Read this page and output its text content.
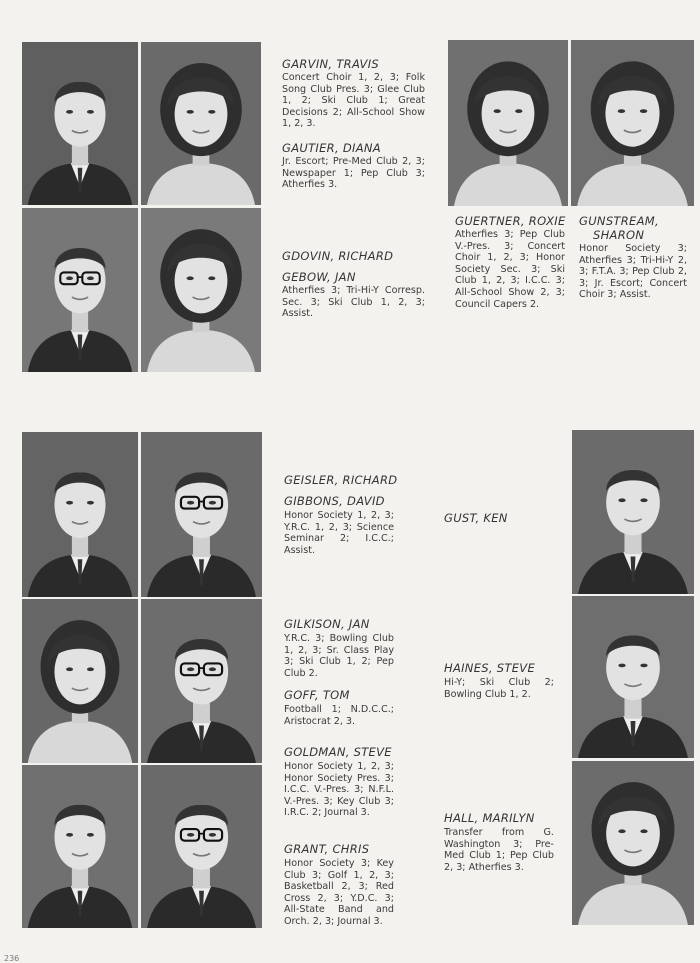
GARVIN, TRAVIS
Concert Choir 1, 2, 3; Folk Song Club Pres. 3; Glee Club 1, 2; Ski Club 1; Great Decisions 2; All-School Show 1, 2, 3.
GAUTIER, DIANA
Jr. Escort; Pre-Med Club 2, 3; Newspaper 1; Pep Club 3; Atherfies 3.
GDOVIN, RICHARD
GEBOW, JAN
Atherfies 3; Tri-Hi-Y Corresp. Sec. 3; Ski Club 1, 2, 3; Assist.
GUERTNER, ROXIE
Atherfies 3; Pep Club V.-Pres. 3; Concert Choir 1, 2, 3; Honor Society Sec. 3; Ski Club 1, 2, 3; I.C.C. 3; All-School Show 2, 3; Council Capers 2.
GUNSTREAM,
SHARON
Honor Society 3; Atherfies 3; Tri-Hi-Y 2, 3; F.T.A. 3; Pep Club 2, 3; Jr. Escort; Concert Choir 3; Assist.
GEISLER, RICHARD
GIBBONS, DAVID
Honor Society 1, 2, 3; Y.R.C. 1, 2, 3; Science Seminar 2; I.C.C.; Assist.
GILKISON, JAN
Y.R.C. 3; Bowling Club 1, 2, 3; Sr. Class Play 3; Ski Club 1, 2; Pep Club 2.
GOFF, TOM
Football 1; N.D.C.C.; Aristocrat 2, 3.
GOLDMAN, STEVE
Honor Society 1, 2, 3; Honor Society Pres. 3; I.C.C. V.-Pres. 3; N.F.L. V.-Pres. 3; Key Club 3; I.R.C. 2; Journal 3.
GRANT, CHRIS
Honor Society 3; Key Club 3; Golf 1, 2, 3; Basketball 2, 3; Red Cross 2, 3; Y.D.C. 3; All-State Band and Orch. 2, 3; Journal 3.
GUST, KEN
HAINES, STEVE
Hi-Y; Ski Club 2; Bowling Club 1, 2.
HALL, MARILYN
Transfer from G. Washington 3; Pre-Med Club 1; Pep Club 2, 3; Atherfies 3.
236
